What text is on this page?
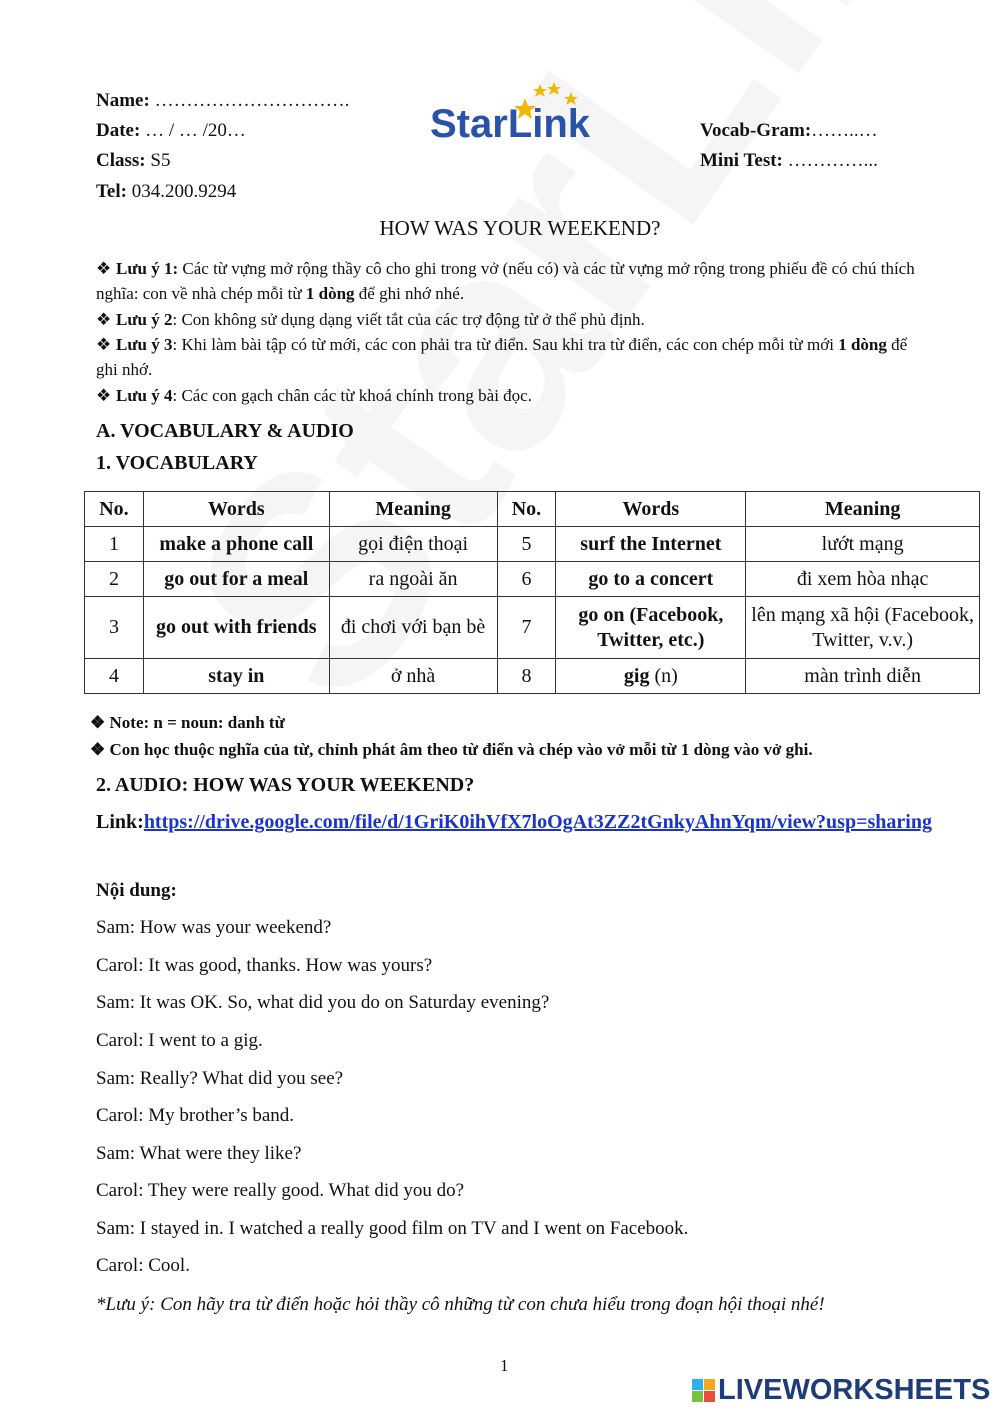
Name: ………………………….
Date: … / … /20…
Class: S5
Tel: 034.200.9294
StarLink	Vocab-Gram:……..…
Mini Test: …………...
HOW WAS YOUR WEEKEND?
❖ Lưu ý 1: Các từ vựng mở rộng thầy cô cho ghi trong vở (nếu có) và các từ vựng mở rộng trong phiếu đề có chú thích nghĩa: con về nhà chép mỗi từ 1 dòng để ghi nhớ nhé.
❖ Lưu ý 2: Con không sử dụng dạng viết tắt của các trợ động từ ở thể phủ định.
❖ Lưu ý 3: Khi làm bài tập có từ mới, các con phải tra từ điển. Sau khi tra từ điển, các con chép mỗi từ mới 1 dòng để ghi nhớ.
❖ Lưu ý 4: Các con gạch chân các từ khoá chính trong bài đọc.
A. VOCABULARY & AUDIO
1. VOCABULARY
No.	Words	Meaning	No.	Words	Meaning
1	make a phone call	gọi điện thoại	5	surf the Internet	lướt mạng
2	go out for a meal	ra ngoài ăn	6	go to a concert	đi xem hòa nhạc
3	go out with friends	đi chơi với bạn bè	7	go on (Facebook, Twitter, etc.)	lên mạng xã hội (Facebook, Twitter, v.v.)
4	stay in	ở nhà	8	gig (n)	màn trình diễn
❖ Note: n = noun: danh từ
❖ Con học thuộc nghĩa của từ, chỉnh phát âm theo từ điển và chép vào vở mỗi từ 1 dòng vào vở ghi.
2. AUDIO: HOW WAS YOUR WEEKEND?
Link:https://drive.google.com/file/d/1GriK0ihVfX7loOgAt3ZZ2tGnkyAhnYqm/view?usp=sharing
Nội dung:
Sam: How was your weekend?
Carol: It was good, thanks. How was yours?
Sam: It was OK. So, what did you do on Saturday evening?
Carol: I went to a gig.
Sam: Really? What did you see?
Carol: My brother’s band.
Sam: What were they like?
Carol: They were really good. What did you do?
Sam: I stayed in. I watched a really good film on TV and I went on Facebook.
Carol: Cool.
*Lưu ý: Con hãy tra từ điển hoặc hỏi thầy cô những từ con chưa hiểu trong đoạn hội thoại nhé!
1
LIVEWORKSHEETS
